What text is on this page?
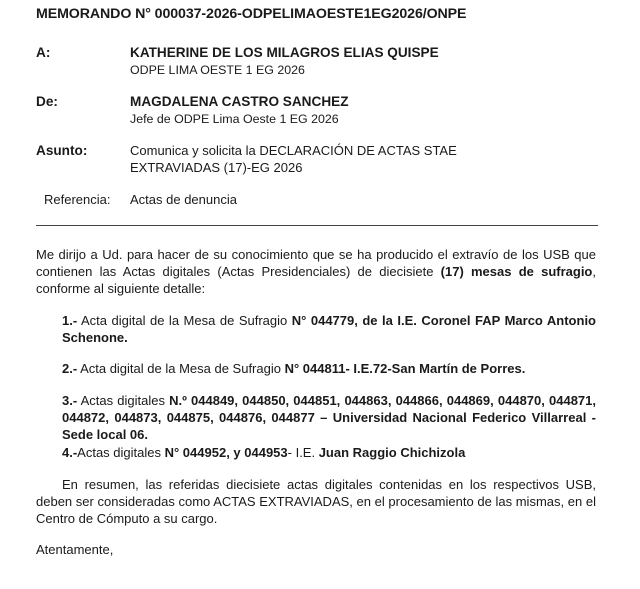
MEMORANDO N° 000037-2026-ODPELIMAOESTE1EG2026/ONPE
A:	KATHERINE DE LOS MILAGROS ELIAS QUISPE
ODPE LIMA OESTE 1 EG 2026
De:	MAGDALENA CASTRO SANCHEZ
Jefe de ODPE Lima Oeste 1 EG 2026
Asunto:	Comunica y solicita la DECLARACIÓN DE ACTAS STAE
EXTRAVIADAS (17)-EG 2026
Referencia: Actas de denuncia
Me dirijo a Ud. para hacer de su conocimiento que se ha producido el extravío de los USB que contienen las Actas digitales (Actas Presidenciales) de diecisiete (17) mesas de sufragio, conforme al siguiente detalle:
1.- Acta digital de la Mesa de Sufragio N° 044779, de la I.E. Coronel FAP Marco Antonio Schenone.
2.- Acta digital de la Mesa de Sufragio N° 044811- I.E.72-San Martín de Porres.
3.- Actas digitales N.º 044849, 044850, 044851, 044863, 044866, 044869, 044870, 044871, 044872, 044873, 044875, 044876, 044877 – Universidad Nacional Federico Villarreal - Sede local 06.
4.-Actas digitales N° 044952, y 044953- I.E. Juan Raggio Chichizola
En resumen, las referidas diecisiete actas digitales contenidas en los respectivos USB, deben ser consideradas como ACTAS EXTRAVIADAS, en el procesamiento de las mismas, en el Centro de Cómputo a su cargo.
Atentamente,
